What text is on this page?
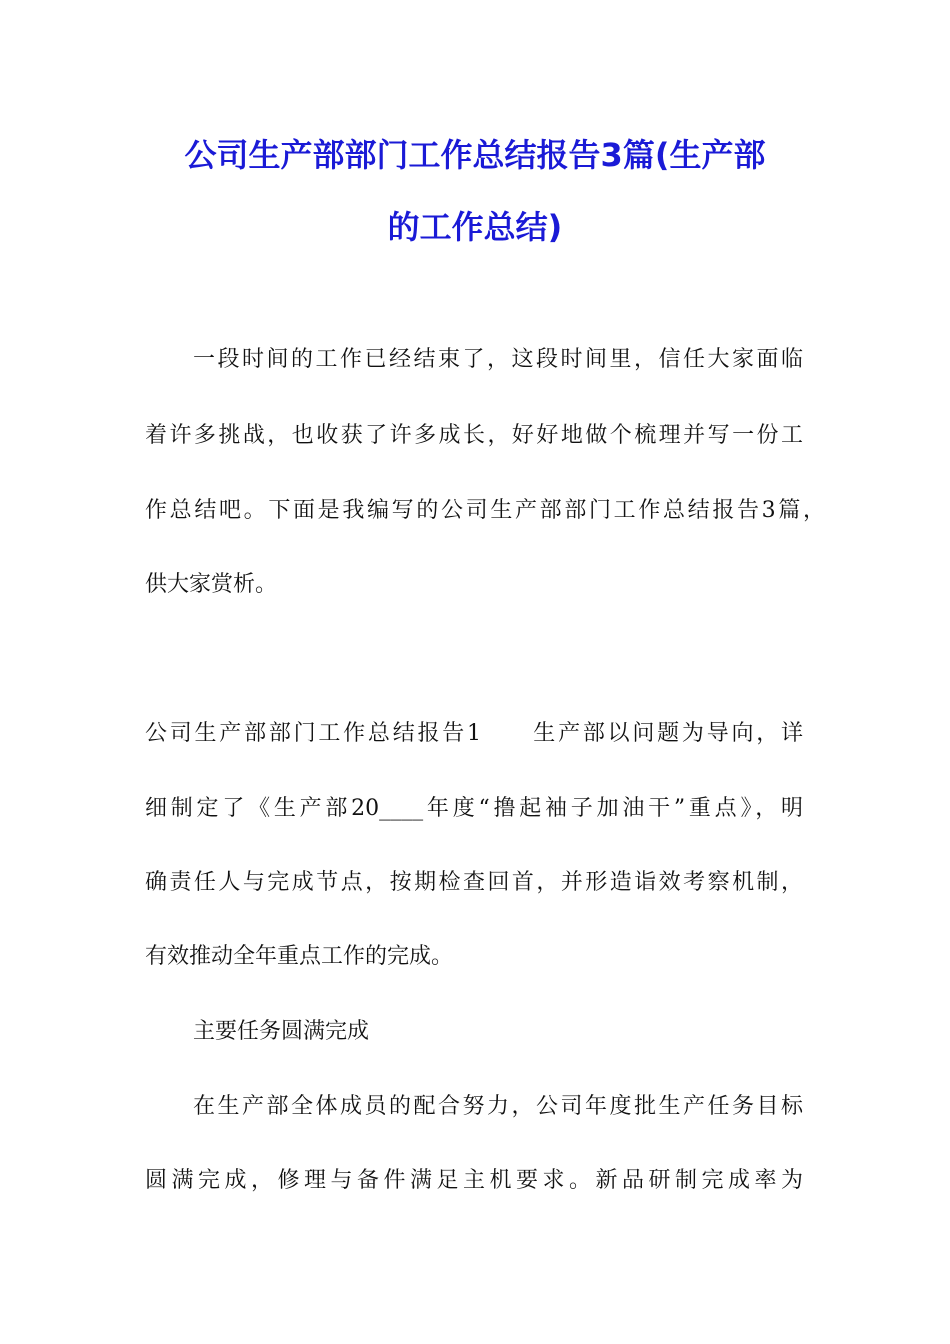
公司生产部部门工作总结报告3篇(生产部
的工作总结)
一段时间的工作已经结束了，这段时间里，信任大家面临
着许多挑战，也收获了许多成长，好好地做个梳理并写一份工
作总结吧。下面是我编写的公司生产部部门工作总结报告3篇，
供大家赏析。
公司生产部部门工作总结报告1　　生产部以问题为导向，详
细制定了《生产部20____年度“撸起袖子加油干”重点》，明
确责任人与完成节点，按期检查回首，并形造诣效考察机制，
有效推动全年重点工作的完成。
主要任务圆满完成
在生产部全体成员的配合努力，公司年度批生产任务目标
圆满完成，修理与备件满足主机要求。新品研制完成率为
